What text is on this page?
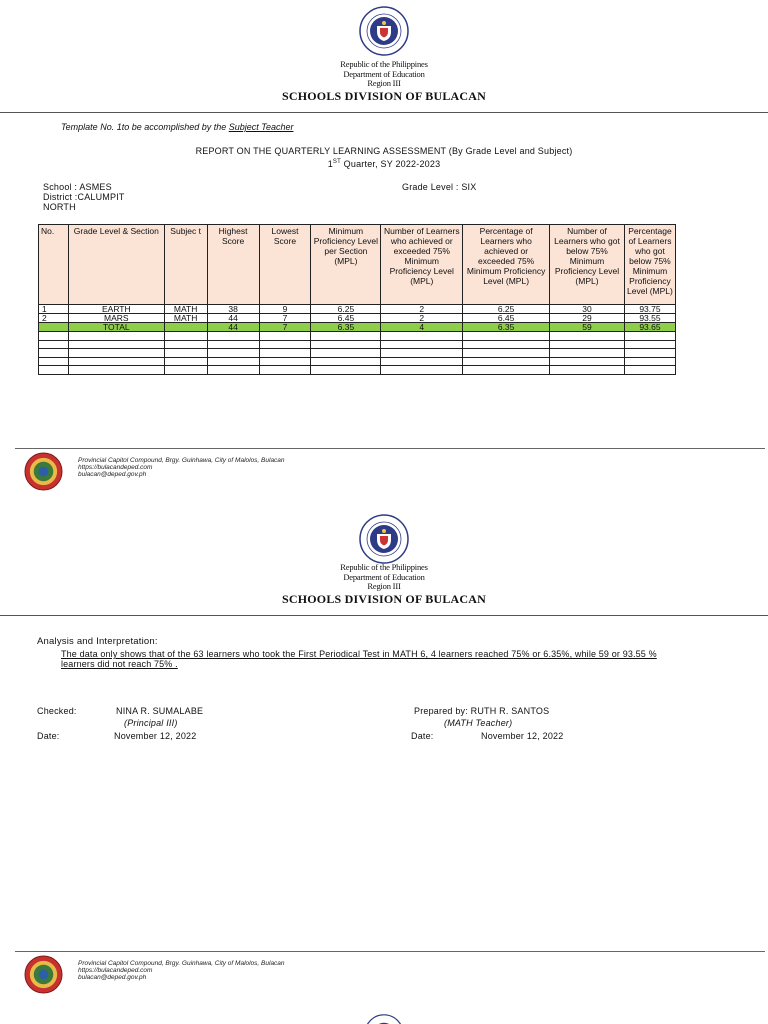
Republic of the Philippines
Department of Education
Region III
SCHOOLS DIVISION OF BULACAN
Template No. 1to be accomplished by the Subject Teacher
REPORT ON THE QUARTERLY LEARNING ASSESSMENT (By Grade Level and Subject)
1ST Quarter, SY 2022-2023
School : ASMES
District :CALUMPIT
NORTH
Grade Level : SIX
No.	Grade Level & Section	Subjec t	Highest Score	Lowest Score	Minimum Proficiency Level per Section (MPL)	Number of Learners who achieved or exceeded 75% Minimum Proficiency Level (MPL)	Percentage of Learners who achieved or exceeded 75% Minimum Proficiency Level (MPL)	Number of Learners who got below 75% Minimum Proficiency Level (MPL)	Percentage of Learners who got below 75% Minimum Proficiency Level (MPL)
1	EARTH	MATH	38	9	6.25	2	6.25	30	93.75
2	MARS	MATH	44	7	6.45	2	6.45	29	93.55
	TOTAL		44	7	6.35	4	6.35	59	93.65

Provincial Capitol Compound, Brgy. Guinhawa, City of Malolos, Bulacan
https://bulacandeped.com
bulacan@deped.gov.ph
Republic of the Philippines
Department of Education
Region III
SCHOOLS DIVISION OF BULACAN
Analysis and Interpretation:
The data only shows that of the 63 learners who took the First Periodical Test in MATH 6, 4 learners reached 75% or 6.35%, while 59 or 93.55 %
learners did not reach 75% .
Checked:	NINA R. SUMALABE
(Principal III)
Date:	November 12, 2022
Prepared by: RUTH R. SANTOS
(MATH Teacher)
Date:	November 12, 2022
Provincial Capitol Compound, Brgy. Guinhawa, City of Malolos, Bulacan
https://bulacandeped.com
bulacan@deped.gov.ph
